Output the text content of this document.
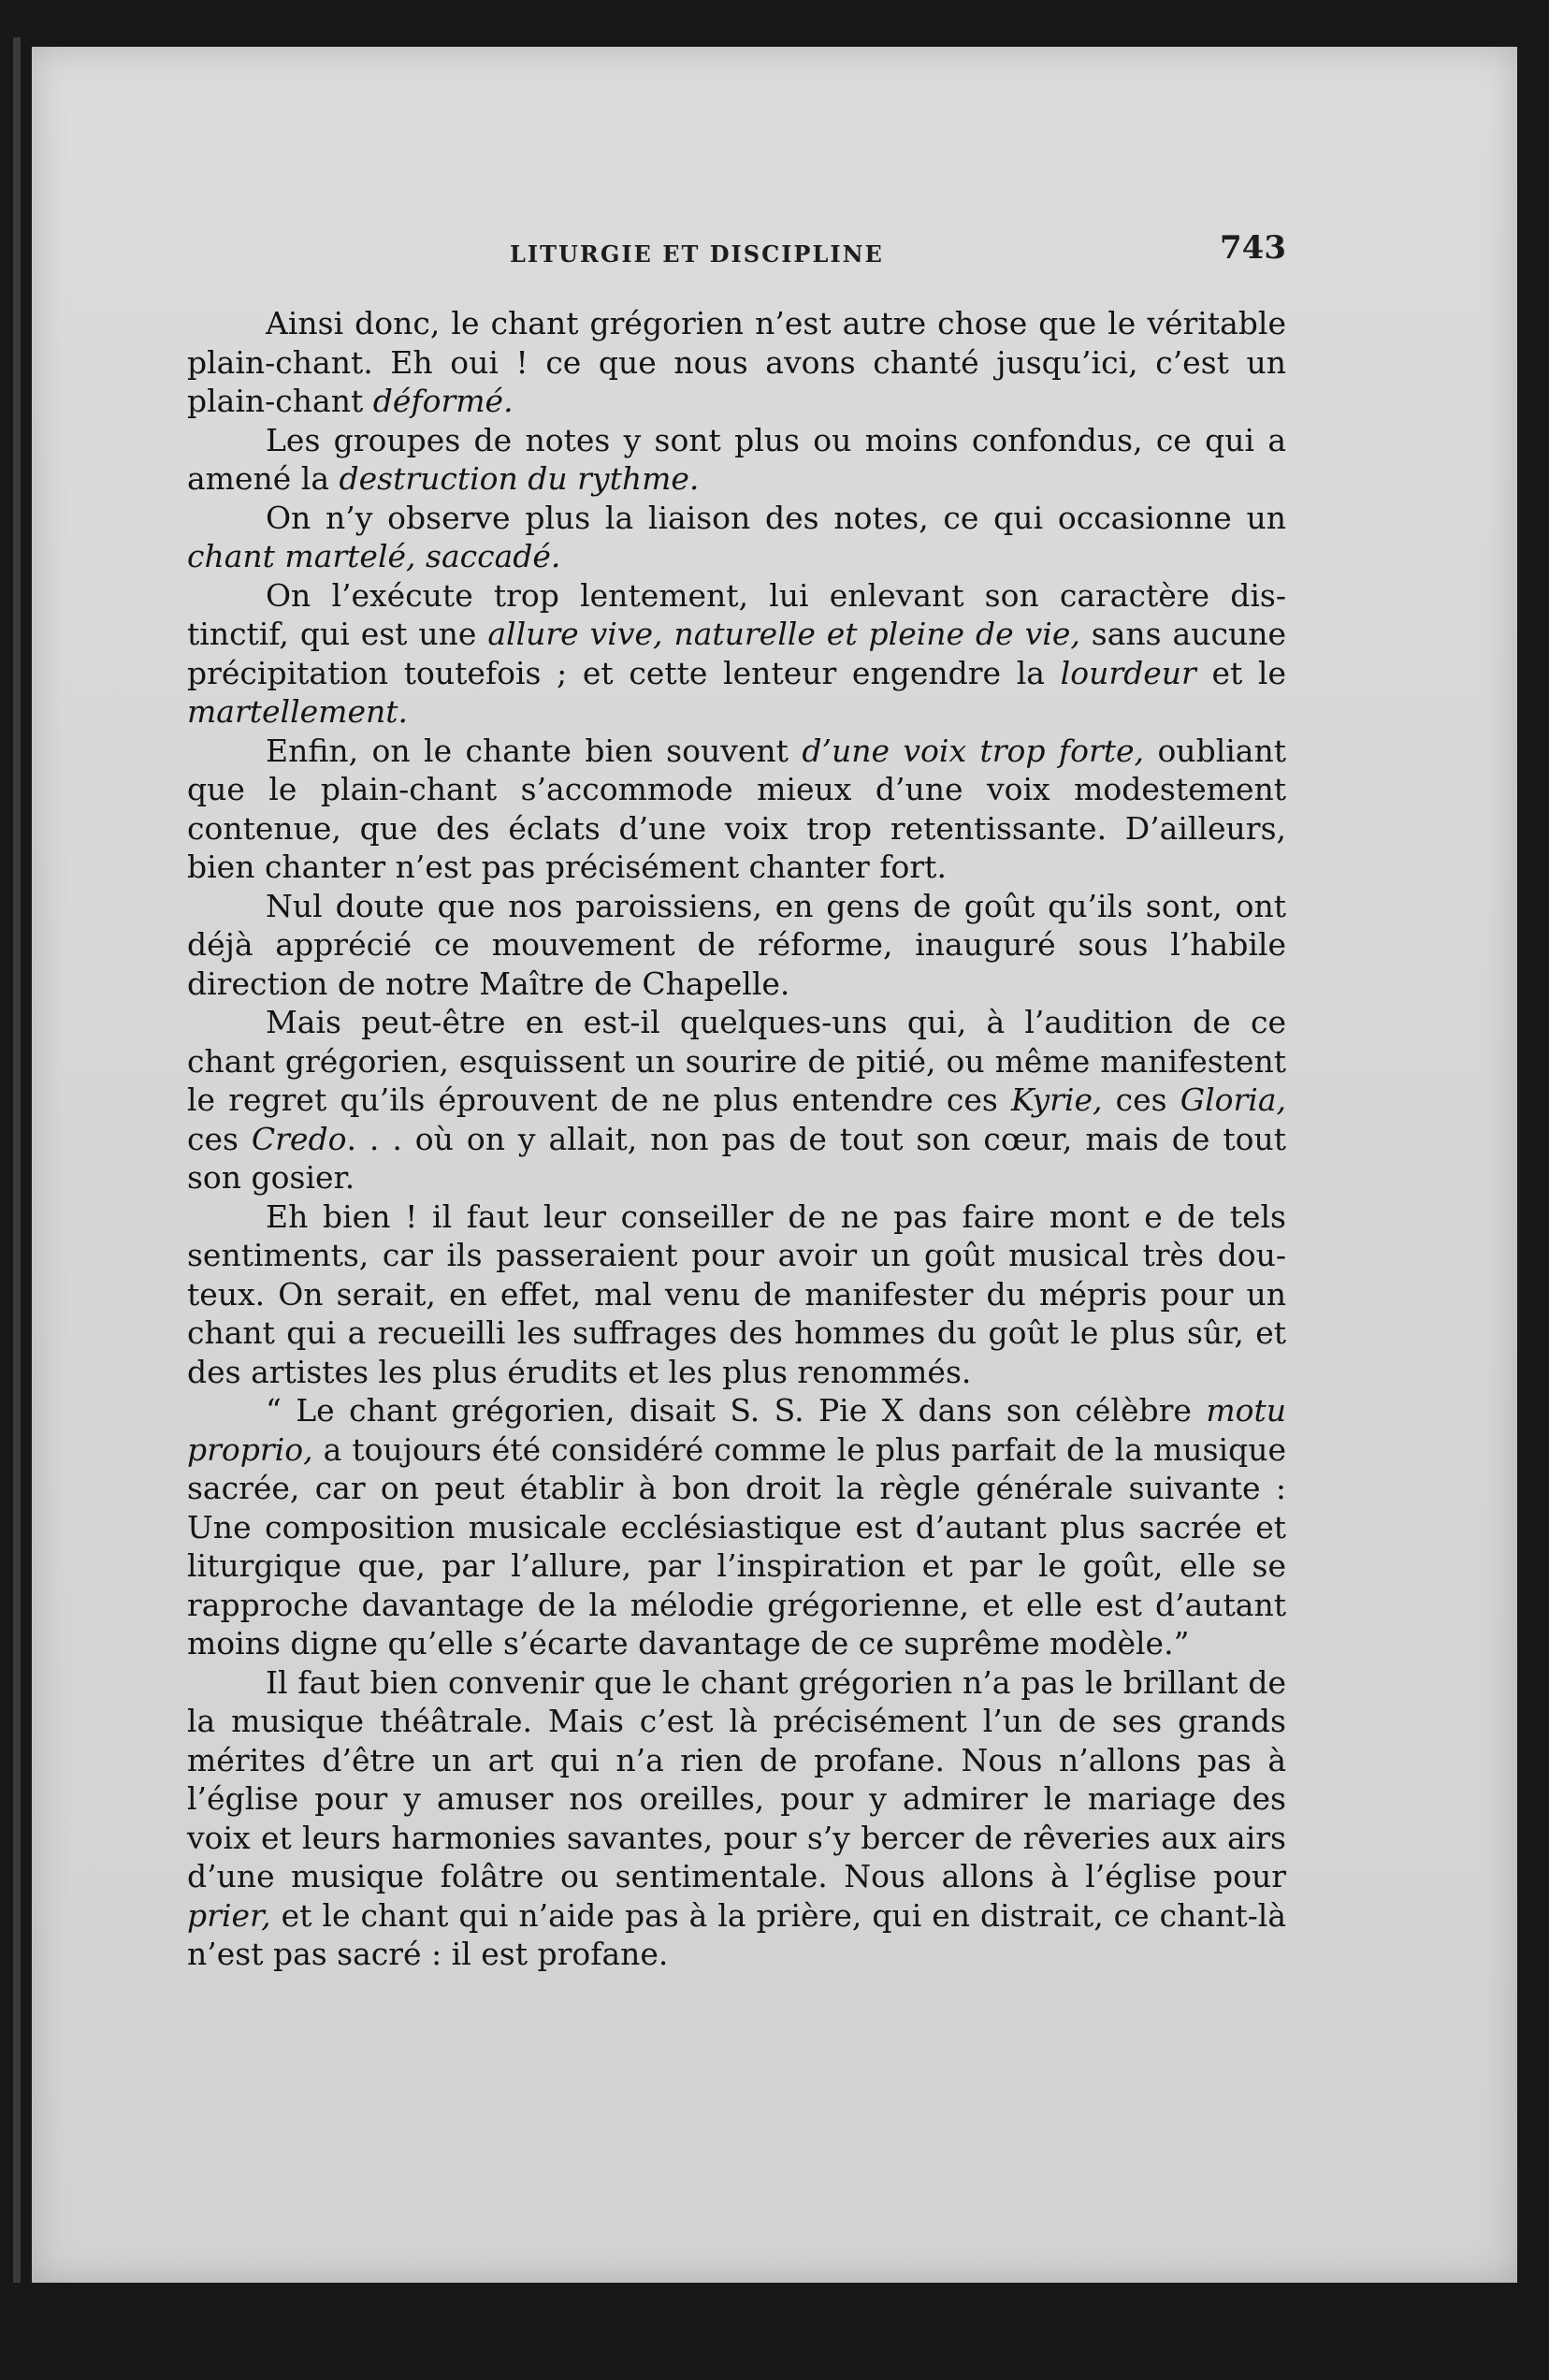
LITURGIE ET DISCIPLINE	743

Ainsi donc, le chant grégorien n’est autre chose que le véritable plain-chant. Eh oui ! ce que nous avons chanté jusqu’ici, c’est un plain-chant déformé.

Les groupes de notes y sont plus ou moins confondus, ce qui a amené la destruction du rythme.

On n’y observe plus la liaison des notes, ce qui occasionne un chant martelé, saccadé.

On l’exécute trop lentement, lui enlevant son caractère distinctif, qui est une allure vive, naturelle et pleine de vie, sans aucune précipitation toutefois ; et cette lenteur engendre la lourdeur et le martellement.

Enfin, on le chante bien souvent d’une voix trop forte, oubliant que le plain-chant s’accommode mieux d’une voix modestement contenue, que des éclats d’une voix trop retentissante. D’ailleurs, bien chanter n’est pas précisément chanter fort.

Nul doute que nos paroissiens, en gens de goût qu’ils sont, ont déjà apprécié ce mouvement de réforme, inauguré sous l’habile direction de notre Maître de Chapelle.

Mais peut-être en est-il quelques-uns qui, à l’audition de ce chant grégorien, esquissent un sourire de pitié, ou même manifestent le regret qu’ils éprouvent de ne plus entendre ces Kyrie, ces Gloria, ces Credo. . . où on y allait, non pas de tout son cœur, mais de tout son gosier.

Eh bien ! il faut leur conseiller de ne pas faire mont e de tels sentiments, car ils passeraient pour avoir un goût musical très douteux. On serait, en effet, mal venu de manifester du mépris pour un chant qui a recueilli les suffrages des hommes du goût le plus sûr, et des artistes les plus érudits et les plus renommés.

“ Le chant grégorien, disait S. S. Pie X dans son célèbre motu proprio, a toujours été considéré comme le plus parfait de la musique sacrée, car on peut établir à bon droit la règle générale suivante : Une composition musicale ecclésiastique est d’autant plus sacrée et liturgique que, par l’allure, par l’inspiration et par le goût, elle se rapproche davantage de la mélodie grégorienne, et elle est d’autant moins digne qu’elle s’écarte davantage de ce suprême modèle.”

Il faut bien convenir que le chant grégorien n’a pas le brillant de la musique théâtrale. Mais c’est là précisément l’un de ses grands mérites d’être un art qui n’a rien de profane. Nous n’allons pas à l’église pour y amuser nos oreilles, pour y admirer le mariage des voix et leurs harmonies savantes, pour s’y bercer de rêveries aux airs d’une musique folâtre ou sentimentale. Nous allons à l’église pour prier, et le chant qui n’aide pas à la prière, qui en distrait, ce chant-là n’est pas sacré : il est profane.
